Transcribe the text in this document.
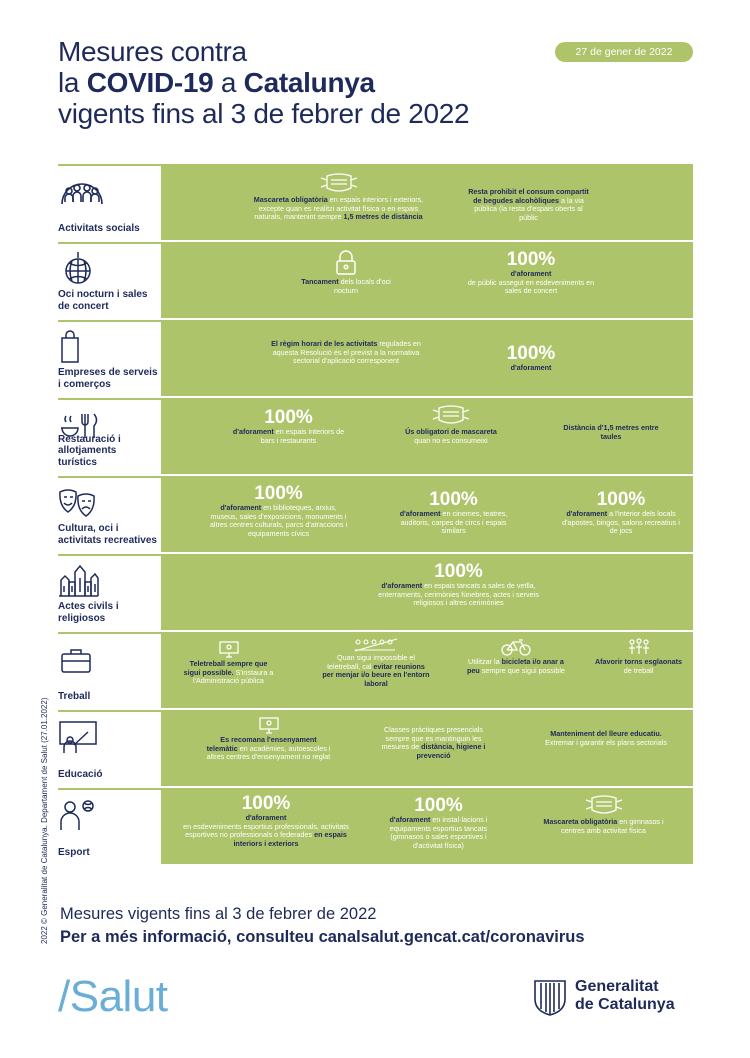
Mesures contra
la COVID-19 a Catalunya
vigents fins al 3 de febrer de 2022
27 de gener de 2022
2022 © Generalitat de Catalunya. Departament de Salut (27.01.2022)
Activitats socials
Mascareta obligatòria en espais interiors i exteriors, excepte quan es realitzi activitat física o en espais naturals, mantenint sempre 1,5 metres de distància
Resta prohibit el consum compartit de begudes alcohòliques a la via pública (la resta d'espais oberts al públic
Oci nocturn i sales de concert
Tancament dels locals d'oci nocturn
100%
d'aforament
de públic assegut en esdeveniments en sales de concert
Empreses de serveis i comerços
El règim horari de les activitats regulades en aquesta Resolució és el previst a la normativa sectorial d'aplicació corresponent	100%
d'aforament
Restauració i allotjaments turístics
100%
d'aforament en espais interiors de bars i restaurants
Ús obligatori de mascareta
quan no es consumeixi
Distància d'1,5 metres entre taules
Cultura, oci i activitats recreatives
100%
d'aforament en biblioteques, arxius, museus, sales d'exposicions, monuments i altres centres culturals, parcs d'atraccions i equipaments cívics
100%
d'aforament en cinemes, teatres, auditoris, carpes de circs i espais similars
100%
d'aforament a l'interior dels locals d'apostes, bingos, salons recreatius i de jocs
Actes civils i religiosos
100%
d'aforament en espais tancats a sales de vetlla, enterraments, cerimònies fúnebres, actes i serveis religiosos i altres cerimònies
Treball
Teletreball sempre que sigui possible. S'instaura a l'Administració pública
Quan sigui impossible el teletreball, cal evitar reunions per menjar i/o beure en l'entorn laboral
Utilitzar la bicicleta i/o anar a peu sempre que sigui possible
Afavorir torns esglaonats de treball
Educació
Es recomana l'ensenyament telemàtic en acadèmies, autoescoles i altres centres d'ensenyament no reglat
Classes pràctiques presencials sempre que es mantinguin les mesures de distància, higiene i prevenció
Manteniment del lleure educatiu. Extremar i garantir els plans sectorials
Esport
100%
d'aforament
en esdeveniments esportius professionals, activitats esportives no professionals o federades en espais interiors i exteriors
100%
d'aforament en instal·lacions i equipaments esportius tancats (gimnasos o sales esportives i d'activitat física)
Mascareta obligatòria en gimnasos i centres amb activitat física
Mesures vigents fins al 3 de febrer de 2022
Per a més informació, consulteu canalsalut.gencat.cat/coronavirus
/Salut	Generalitat
de Catalunya
